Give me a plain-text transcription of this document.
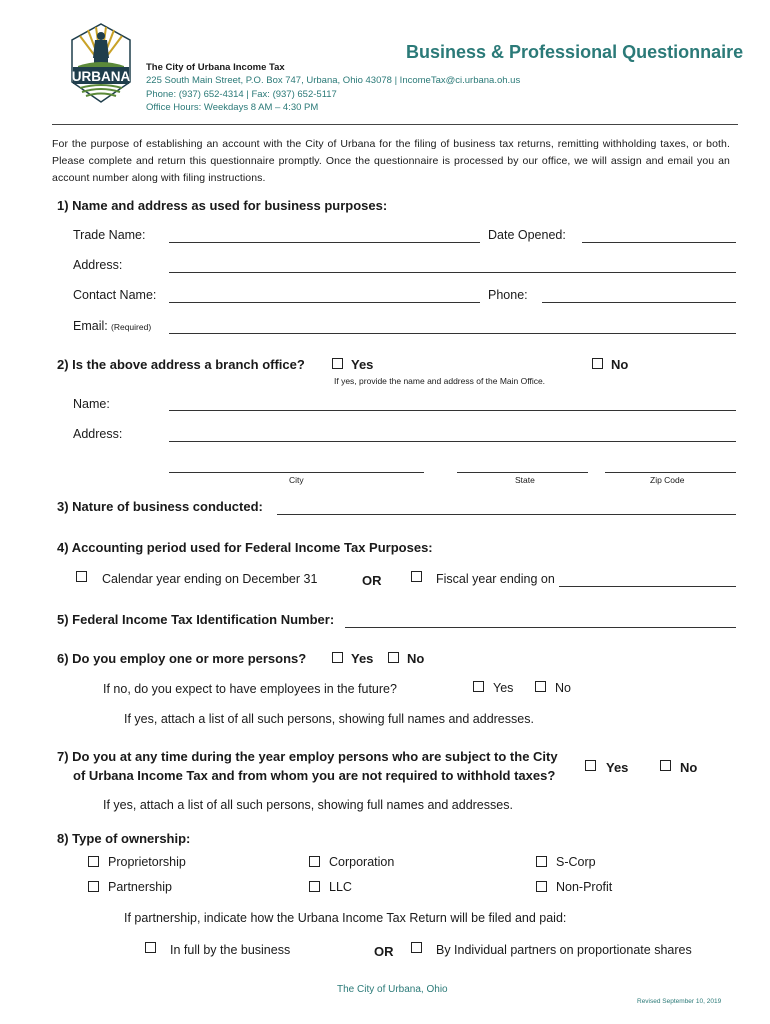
URBANA
Business & Professional Questionnaire
The City of Urbana Income Tax
225 South Main Street, P.O. Box 747, Urbana, Ohio 43078 | IncomeTax@ci.urbana.oh.us
Phone: (937) 652-4314 | Fax: (937) 652-5117
Office Hours: Weekdays 8 AM – 4:30 PM
For the purpose of establishing an account with the City of Urbana for the filing of business tax returns, remitting withholding taxes, or both. Please complete and return this questionnaire promptly. Once the questionnaire is processed by our office, we will assign and email you an account number along with filing instructions.
1) Name and address as used for business purposes:
Trade Name:	Date Opened:
Address:
Contact Name:	Phone:
Email: (Required)
2) Is the above address a branch office?	Yes	No
If yes, provide the name and address of the Main Office.
Name:
Address:
City	State	Zip Code
3) Nature of business conducted:
4) Accounting period used for Federal Income Tax Purposes:
Calendar year ending on December 31	OR	Fiscal year ending on
5) Federal Income Tax Identification Number:
6) Do you employ one or more persons?	Yes	No
If no, do you expect to have employees in the future?	Yes	No
If yes, attach a list of all such persons, showing full names and addresses.
7) Do you at any time during the year employ persons who are subject to the City
of Urbana Income Tax and from whom you are not required to withhold taxes?
Yes	No
If yes, attach a list of all such persons, showing full names and addresses.
8) Type of ownership:
Proprietorship	Corporation	S-Corp
Partnership	LLC	Non-Profit
If partnership, indicate how the Urbana Income Tax Return will be filed and paid:
In full by the business	OR	By Individual partners on proportionate shares
The City of Urbana, Ohio
Revised September 10, 2019
